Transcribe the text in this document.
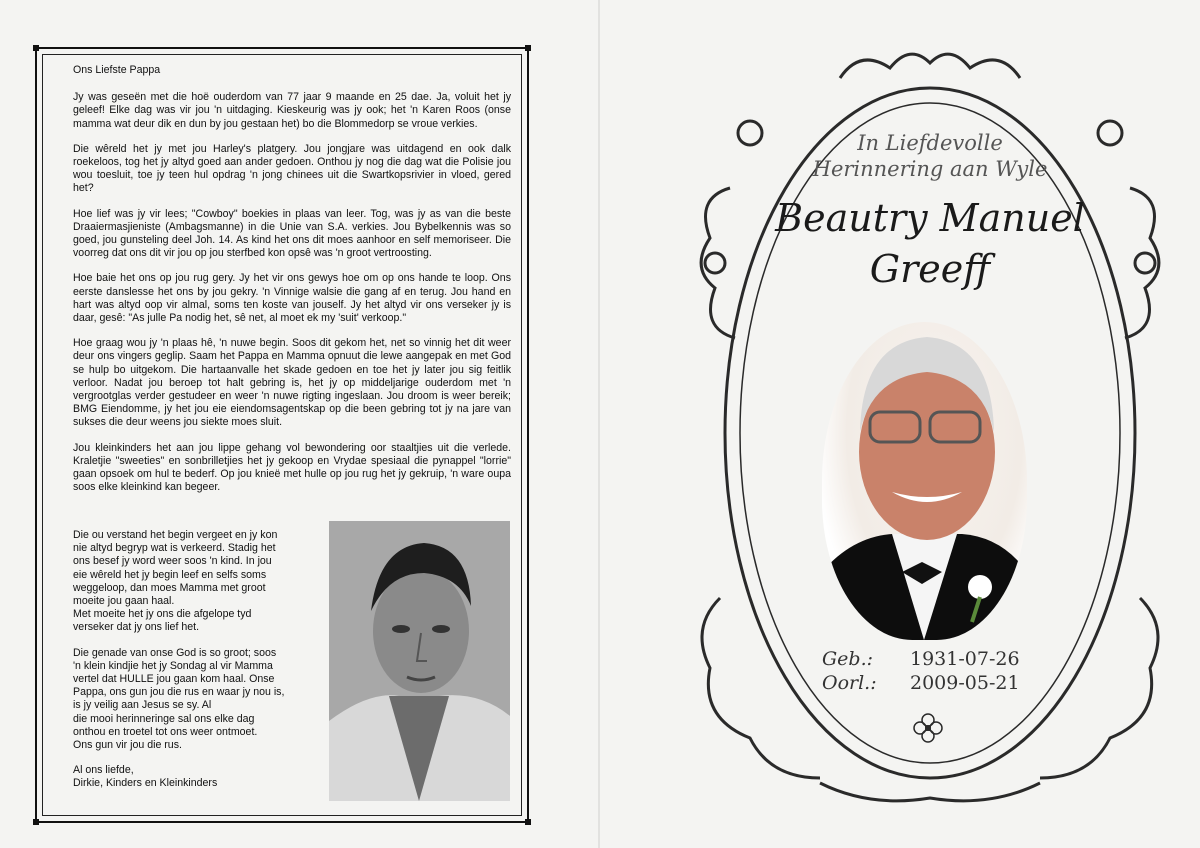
Ons Liefste Pappa

Jy was geseën met die hoë ouderdom van 77 jaar 9 maande en 25 dae. Ja, voluit het jy geleef! Elke dag was vir jou 'n uitdaging. Kieskeurig was jy ook; het 'n Karen Roos (onse mamma wat deur dik en dun by jou gestaan het) bo die Blommedorp se vroue verkies.

Die wêreld het jy met jou Harley's platgery. Jou jongjare was uitdagend en ook dalk roekeloos, tog het jy altyd goed aan ander gedoen. Onthou jy nog die dag wat die Polisie jou wou toesluit, toe jy teen hul opdrag 'n jong chinees uit die Swartkopsrivier in vloed, gered het?

Hoe lief was jy vir lees; "Cowboy" boekies in plaas van leer. Tog, was jy as van die beste Draaiermasjieniste (Ambagsmanne) in die Unie van S.A. verkies. Jou Bybelkennis was so goed, jou gunsteling deel Joh. 14. As kind het ons dit moes aanhoor en self memoriseer. Die voorreg dat ons dit vir jou op jou sterfbed kon opsê was 'n groot vertroosting.

Hoe baie het ons op jou rug gery. Jy het vir ons gewys hoe om op ons hande te loop. Ons eerste danslesse het ons by jou gekry. 'n Vinnige walsie die gang af en terug. Jou hand en hart was altyd oop vir almal, soms ten koste van jouself. Jy het altyd vir ons verseker jy is daar, gesê: "As julle Pa nodig het, sê net, al moet ek my 'suit' verkoop."

Hoe graag wou jy 'n plaas hê, 'n nuwe begin. Soos dit gekom het, net so vinnig het dit weer deur ons vingers geglip. Saam het Pappa en Mamma opnuut die lewe aangepak en met God se hulp bo uitgekom. Die hartaanvalle het skade gedoen en toe het jy later jou sig feitlik verloor. Nadat jou beroep tot halt gebring is, het jy op middeljarige ouderdom met 'n vergrootglas verder gestudeer en weer 'n nuwe rigting ingeslaan. Jou droom is weer bereik; BMG Eiendomme, jy het jou eie eiendomsagentskap op die been gebring tot jy na jare van sukses die deur weens jou siekte moes sluit.

Jou kleinkinders het aan jou lippe gehang vol bewondering oor staaltjies uit die verlede. Kraletjie "sweeties" en sonbrilletjies het jy gekoop en Vrydae spesiaal die pynappel "lorrie" gaan opsoek om hul te bederf. Op jou knieë met hulle op jou rug het jy gekruip, 'n ware oupa soos elke kleinkind kan begeer.

Die ou verstand het begin vergeet en jy kon
nie altyd begryp wat is verkeerd. Stadig het
ons besef jy word weer soos 'n kind. In jou
eie wêreld het jy begin leef en selfs soms
weggeloop, dan moes Mamma met groot
moeite jou gaan haal.
Met moeite het jy ons die afgelope tyd
verseker dat jy ons lief het.

Die genade van onse God is so groot; soos
'n klein kindjie het jy Sondag al vir Mamma
vertel dat HULLE jou gaan kom haal. Onse
Pappa, ons gun jou die rus en waar jy nou is,
is jy veilig aan Jesus se sy. Al
die mooi herinneringe sal ons elke dag
onthou en troetel tot ons weer ontmoet.
Ons gun vir jou die rus.

Al ons liefde,
Dirkie, Kinders en Kleinkinders

In Liefdevolle
Herinnering aan Wyle
Beautry Manuel
Greeff
Geb.:	1931-07-26
Oorl.:	2009-05-21
